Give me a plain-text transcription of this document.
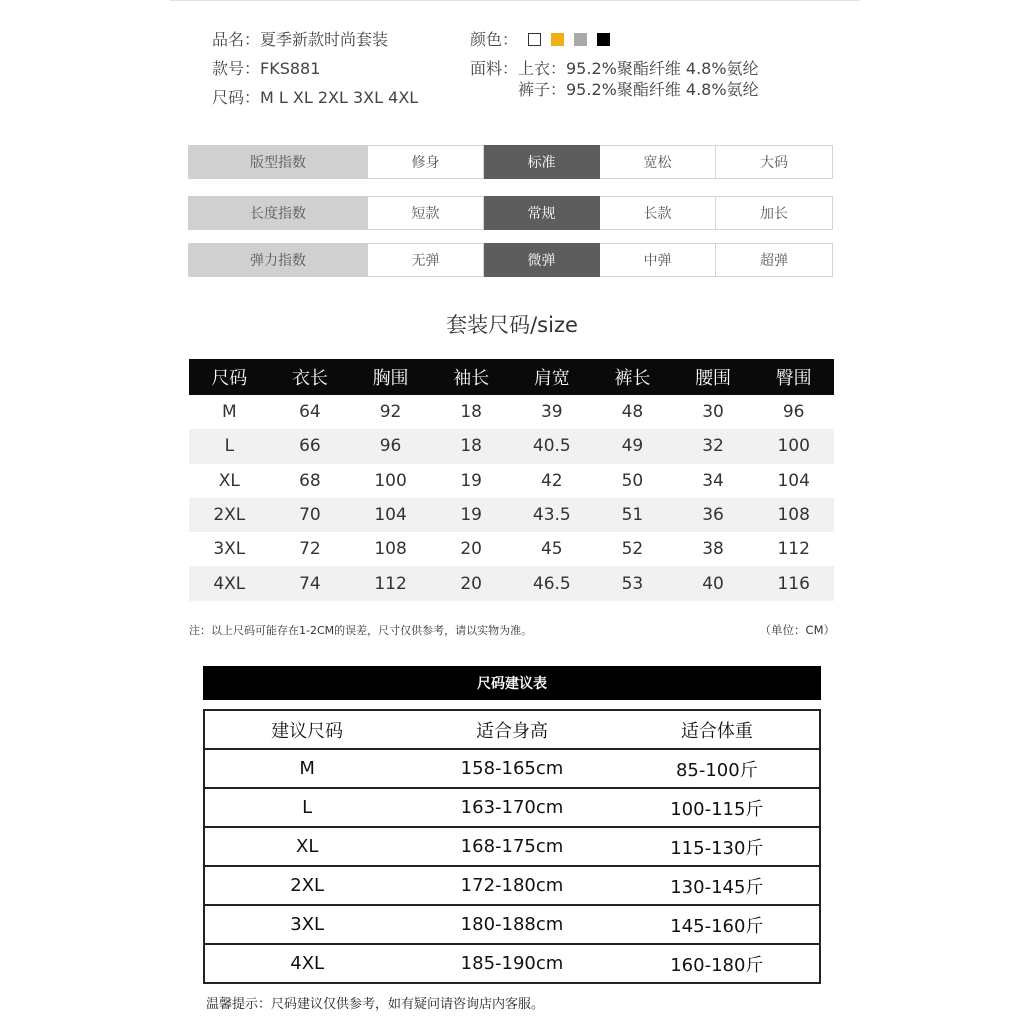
品名：夏季新款时尚套装
款号：FKS881
尺码：M L XL 2XL 3XL 4XL
颜色：
面料：上衣：95.2%聚酯纤维 4.8%氨纶
裤子：95.2%聚酯纤维 4.8%氨纶
版型指数	修身	标准	宽松	大码
长度指数	短款	常规	长款	加长
弹力指数	无弹	微弹	中弹	超弹
套装尺码/size
尺码	衣长	胸围	袖长	肩宽	裤长	腰围	臀围
M	64	92	18	39	48	30	96
L	66	96	18	40.5	49	32	100
XL	68	100	19	42	50	34	104
2XL	70	104	19	43.5	51	36	108
3XL	72	108	20	45	52	38	112
4XL	74	112	20	46.5	53	40	116
注：以上尺码可能存在1-2CM的误差，尺寸仅供参考，请以实物为准。	（单位：CM）
尺码建议表
建议尺码	适合身高	适合体重
M	158-165cm	85-100斤
L	163-170cm	100-115斤
XL	168-175cm	115-130斤
2XL	172-180cm	130-145斤
3XL	180-188cm	145-160斤
4XL	185-190cm	160-180斤
温馨提示：尺码建议仅供参考，如有疑问请咨询店内客服。
